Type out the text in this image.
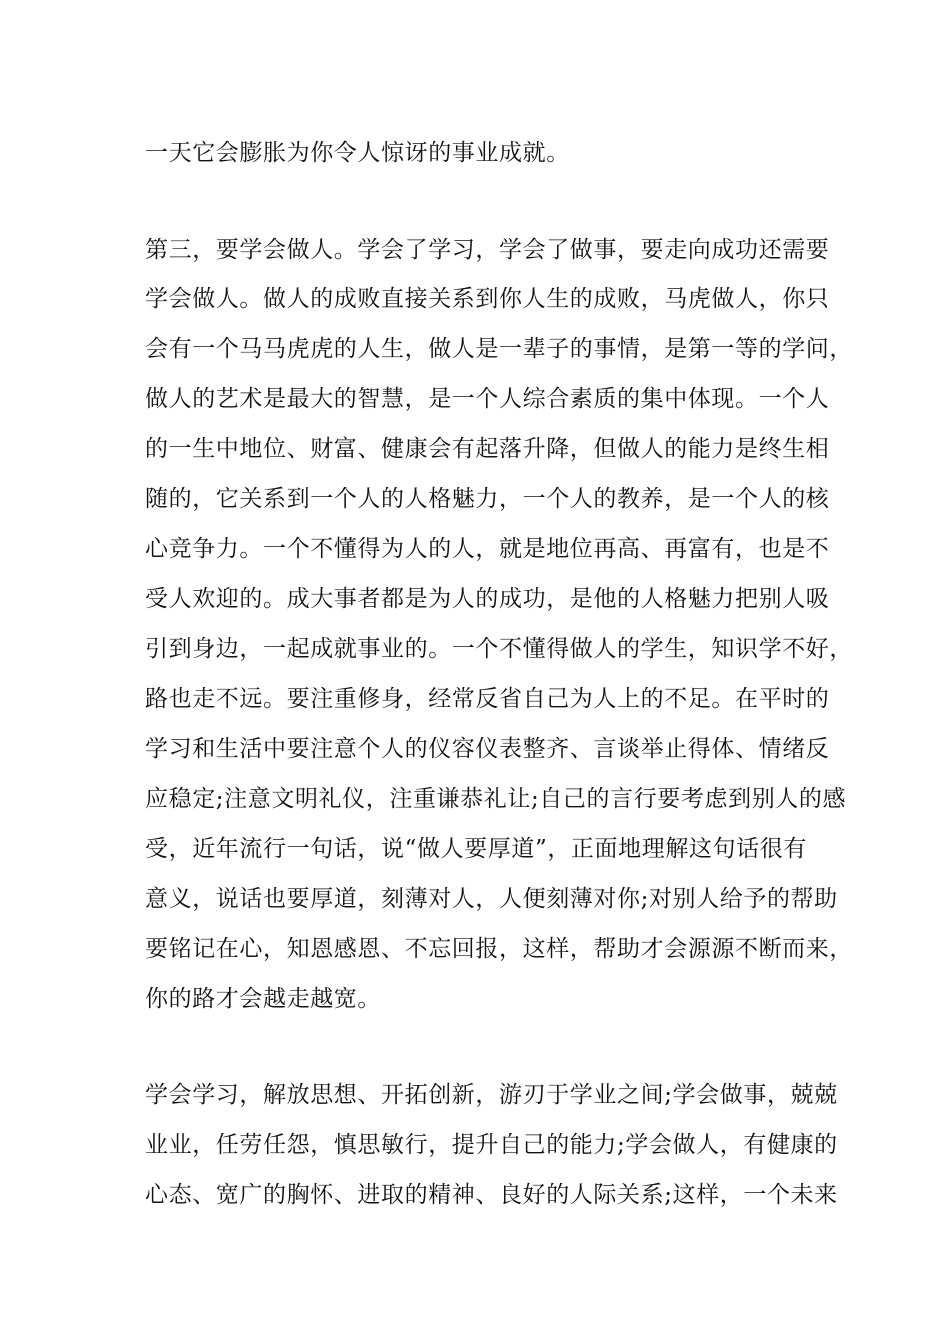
一天它会膨胀为你令人惊讶的事业成就。
第三，要学会做人。学会了学习，学会了做事，要走向成功还需要
学会做人。做人的成败直接关系到你人生的成败，马虎做人，你只
会有一个马马虎虎的人生，做人是一辈子的事情，是第一等的学问，
做人的艺术是最大的智慧，是一个人综合素质的集中体现。一个人
的一生中地位、财富、健康会有起落升降，但做人的能力是终生相
随的，它关系到一个人的人格魅力，一个人的教养，是一个人的核
心竞争力。一个不懂得为人的人，就是地位再高、再富有，也是不
受人欢迎的。成大事者都是为人的成功，是他的人格魅力把别人吸
引到身边，一起成就事业的。一个不懂得做人的学生，知识学不好，
路也走不远。要注重修身，经常反省自己为人上的不足。在平时的
学习和生活中要注意个人的仪容仪表整齐、言谈举止得体、情绪反
应稳定;注意文明礼仪，注重谦恭礼让;自己的言行要考虑到别人的感
受，近年流行一句话，说“做人要厚道”，正面地理解这句话很有
意义，说话也要厚道，刻薄对人，人便刻薄对你;对别人给予的帮助
要铭记在心，知恩感恩、不忘回报，这样，帮助才会源源不断而来，
你的路才会越走越宽。
学会学习，解放思想、开拓创新，游刃于学业之间;学会做事，兢兢
业业，任劳任怨，慎思敏行，提升自己的能力;学会做人，有健康的
心态、宽广的胸怀、进取的精神、良好的人际关系;这样，一个未来
